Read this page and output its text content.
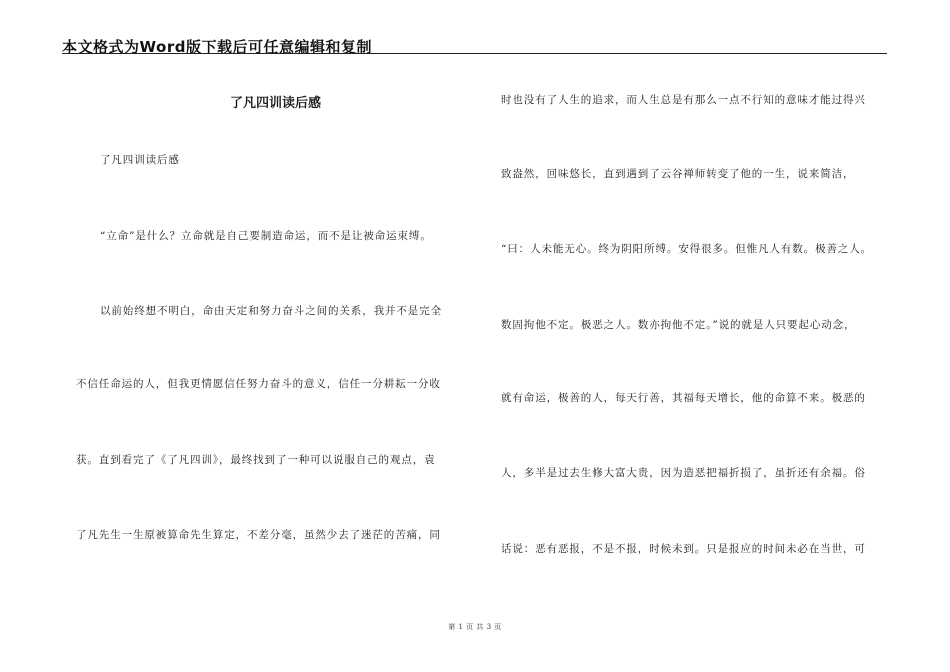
本文格式为Word版下载后可任意编辑和复制
了凡四训读后感
了凡四训读后感
“立命”是什么？立命就是自己要制造命运，而不是让被命运束缚。
以前始终想不明白，命由天定和努力奋斗之间的关系，我并不是完全
不信任命运的人，但我更情愿信任努力奋斗的意义，信任一分耕耘一分收
获。直到看完了《了凡四训》，最终找到了一种可以说服自己的观点，袁
了凡先生一生原被算命先生算定，不差分毫，虽然少去了迷茫的苦痛，同
时也没有了人生的追求，而人生总是有那么一点不行知的意味才能过得兴
致盎然，回味悠长，直到遇到了云谷禅师转变了他的一生，说来简洁，
“曰：人未能无心。终为阴阳所缚。安得很多。但惟凡人有数。极善之人。
数固拘他不定。极恶之人。数亦拘他不定。”说的就是人只要起心动念，
就有命运，极善的人，每天行善，其福每天增长，他的命算不来。极恶的
人，多半是过去生修大富大贵，因为造恶把福折损了，虽折还有余福。俗
话说：恶有恶报，不是不报，时候未到。只是报应的时间未必在当世，可
第 1 页 共 3 页
